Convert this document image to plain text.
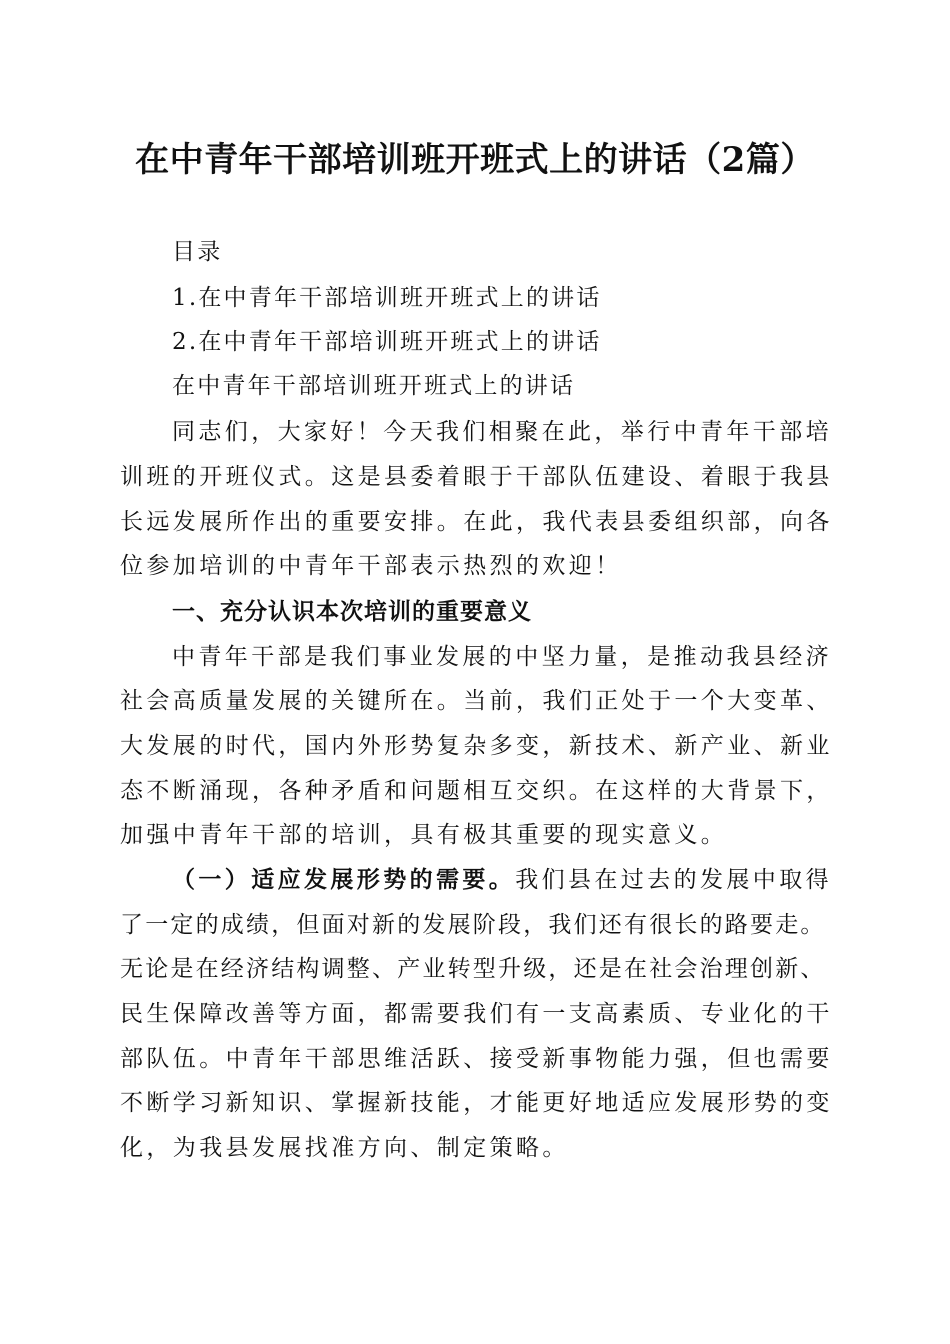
在中青年干部培训班开班式上的讲话（2篇）
目录
1.在中青年干部培训班开班式上的讲话
2.在中青年干部培训班开班式上的讲话
在中青年干部培训班开班式上的讲话
同志们，大家好！今天我们相聚在此，举行中青年干部培
训班的开班仪式。这是县委着眼于干部队伍建设、着眼于我县
长远发展所作出的重要安排。在此，我代表县委组织部，向各
位参加培训的中青年干部表示热烈的欢迎！
一、充分认识本次培训的重要意义
中青年干部是我们事业发展的中坚力量，是推动我县经济
社会高质量发展的关键所在。当前，我们正处于一个大变革、
大发展的时代，国内外形势复杂多变，新技术、新产业、新业
态不断涌现，各种矛盾和问题相互交织。在这样的大背景下，
加强中青年干部的培训，具有极其重要的现实意义。
（一）适应发展形势的需要。我们县在过去的发展中取得
了一定的成绩，但面对新的发展阶段，我们还有很长的路要走。
无论是在经济结构调整、产业转型升级，还是在社会治理创新、
民生保障改善等方面，都需要我们有一支高素质、专业化的干
部队伍。中青年干部思维活跃、接受新事物能力强，但也需要
不断学习新知识、掌握新技能，才能更好地适应发展形势的变
化，为我县发展找准方向、制定策略。
